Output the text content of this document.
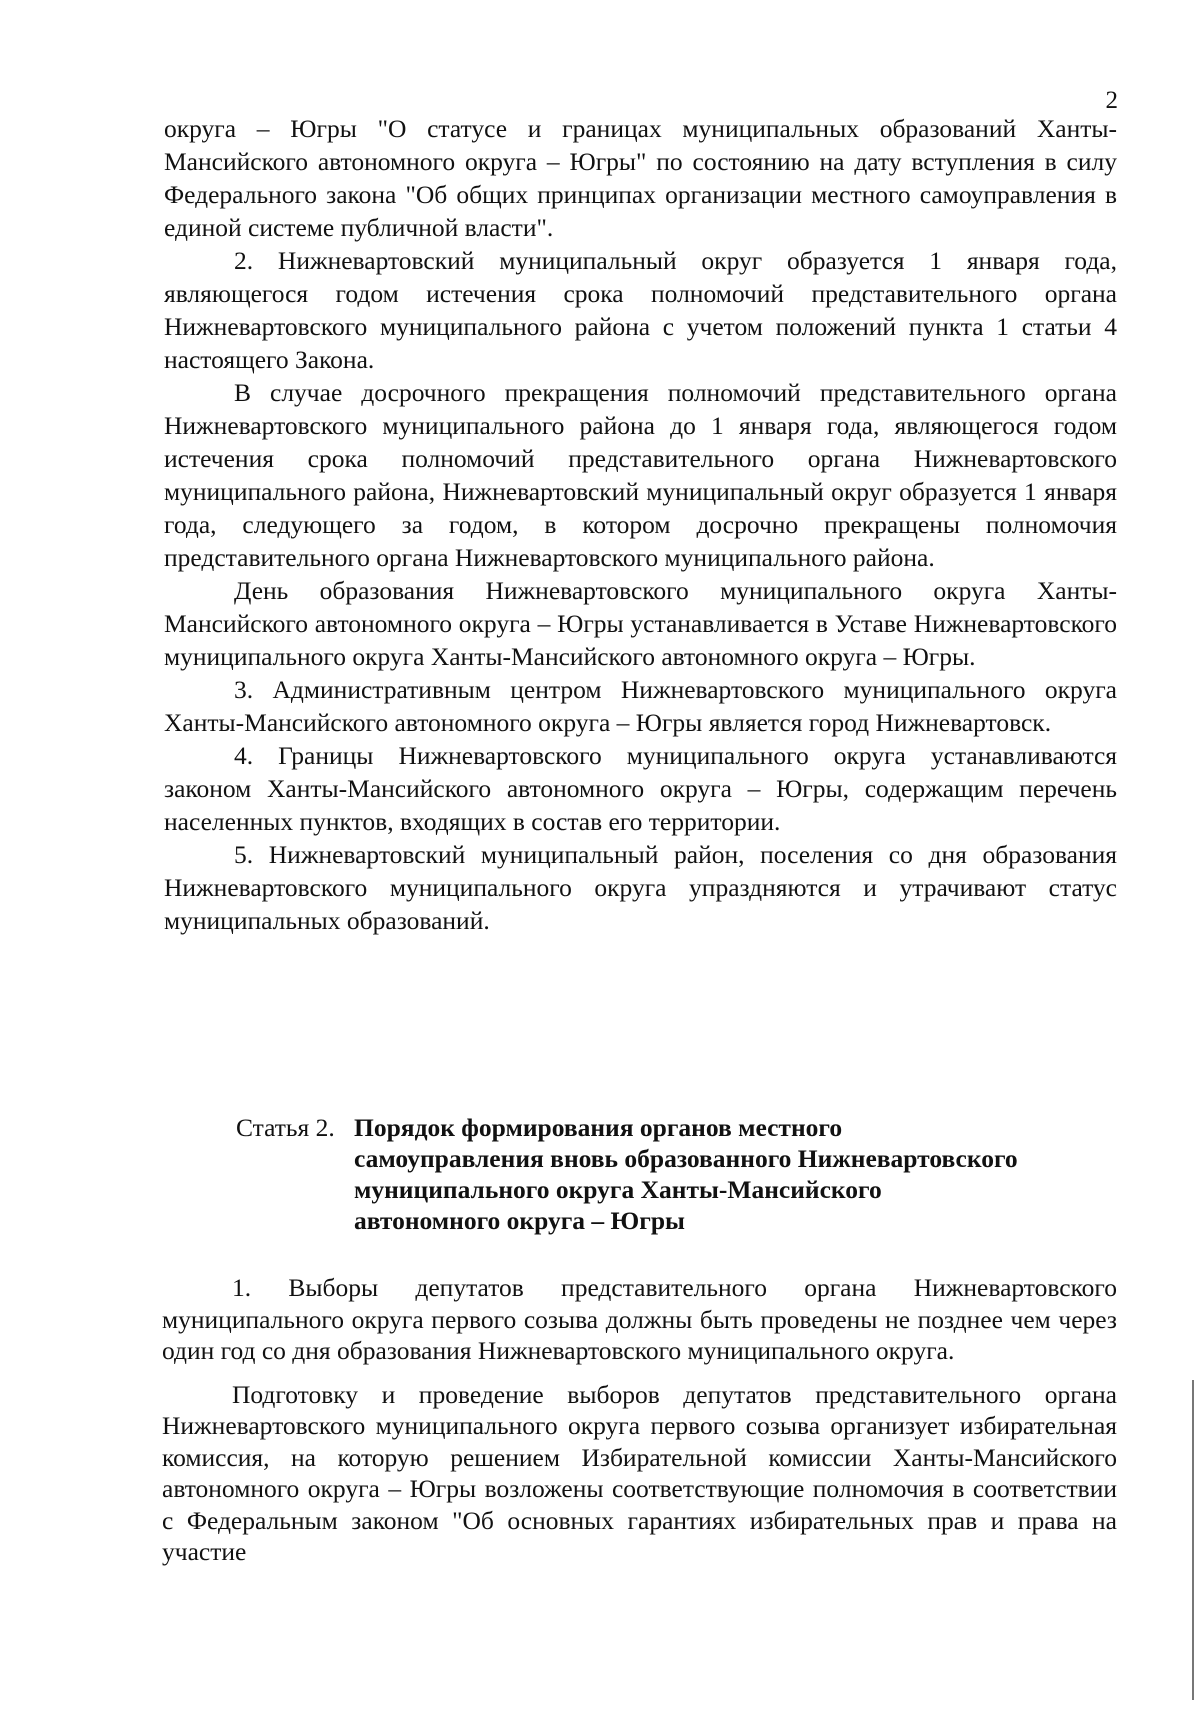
2

округа – Югры "О статусе и границах муниципальных образований Ханты-Мансийского автономного округа – Югры" по состоянию на дату вступления в силу Федерального закона "Об общих принципах организации местного самоуправления в единой системе публичной власти".

2. Нижневартовский муниципальный округ образуется 1 января года, являющегося годом истечения срока полномочий представительного органа Нижневартовского муниципального района с учетом положений пункта 1 статьи 4 настоящего Закона.

В случае досрочного прекращения полномочий представительного органа Нижневартовского муниципального района до 1 января года, являющегося годом истечения срока полномочий представительного органа Нижневартовского муниципального района, Нижневартовский муниципальный округ образуется 1 января года, следующего за годом, в котором досрочно прекращены полномочия представительного органа Нижневартовского муниципального района.

День образования Нижневартовского муниципального округа Ханты-Мансийского автономного округа – Югры устанавливается в Уставе Нижневартовского муниципального округа Ханты-Мансийского автономного округа – Югры.

3. Административным центром Нижневартовского муниципального округа Ханты-Мансийского автономного округа – Югры является город Нижневартовск.

4. Границы Нижневартовского муниципального округа устанавливаются законом Ханты-Мансийского автономного округа – Югры, содержащим перечень населенных пунктов, входящих в состав его территории.

5. Нижневартовский муниципальный район, поселения со дня образования Нижневартовского муниципального округа упраздняются и утрачивают статус муниципальных образований.

Статья 2. Порядок формирования органов местного
самоуправления вновь образованного Нижневартовского
муниципального округа Ханты-Мансийского
автономного округа – Югры

1. Выборы депутатов представительного органа Нижневартовского муниципального округа первого созыва должны быть проведены не позднее чем через один год со дня образования Нижневартовского муниципального округа.

Подготовку и проведение выборов депутатов представительного органа Нижневартовского муниципального округа первого созыва организует избирательная комиссия, на которую решением Избирательной комиссии Ханты-Мансийского автономного округа – Югры возложены соответствующие полномочия в соответствии с Федеральным законом "Об основных гарантиях избирательных прав и права на участие
